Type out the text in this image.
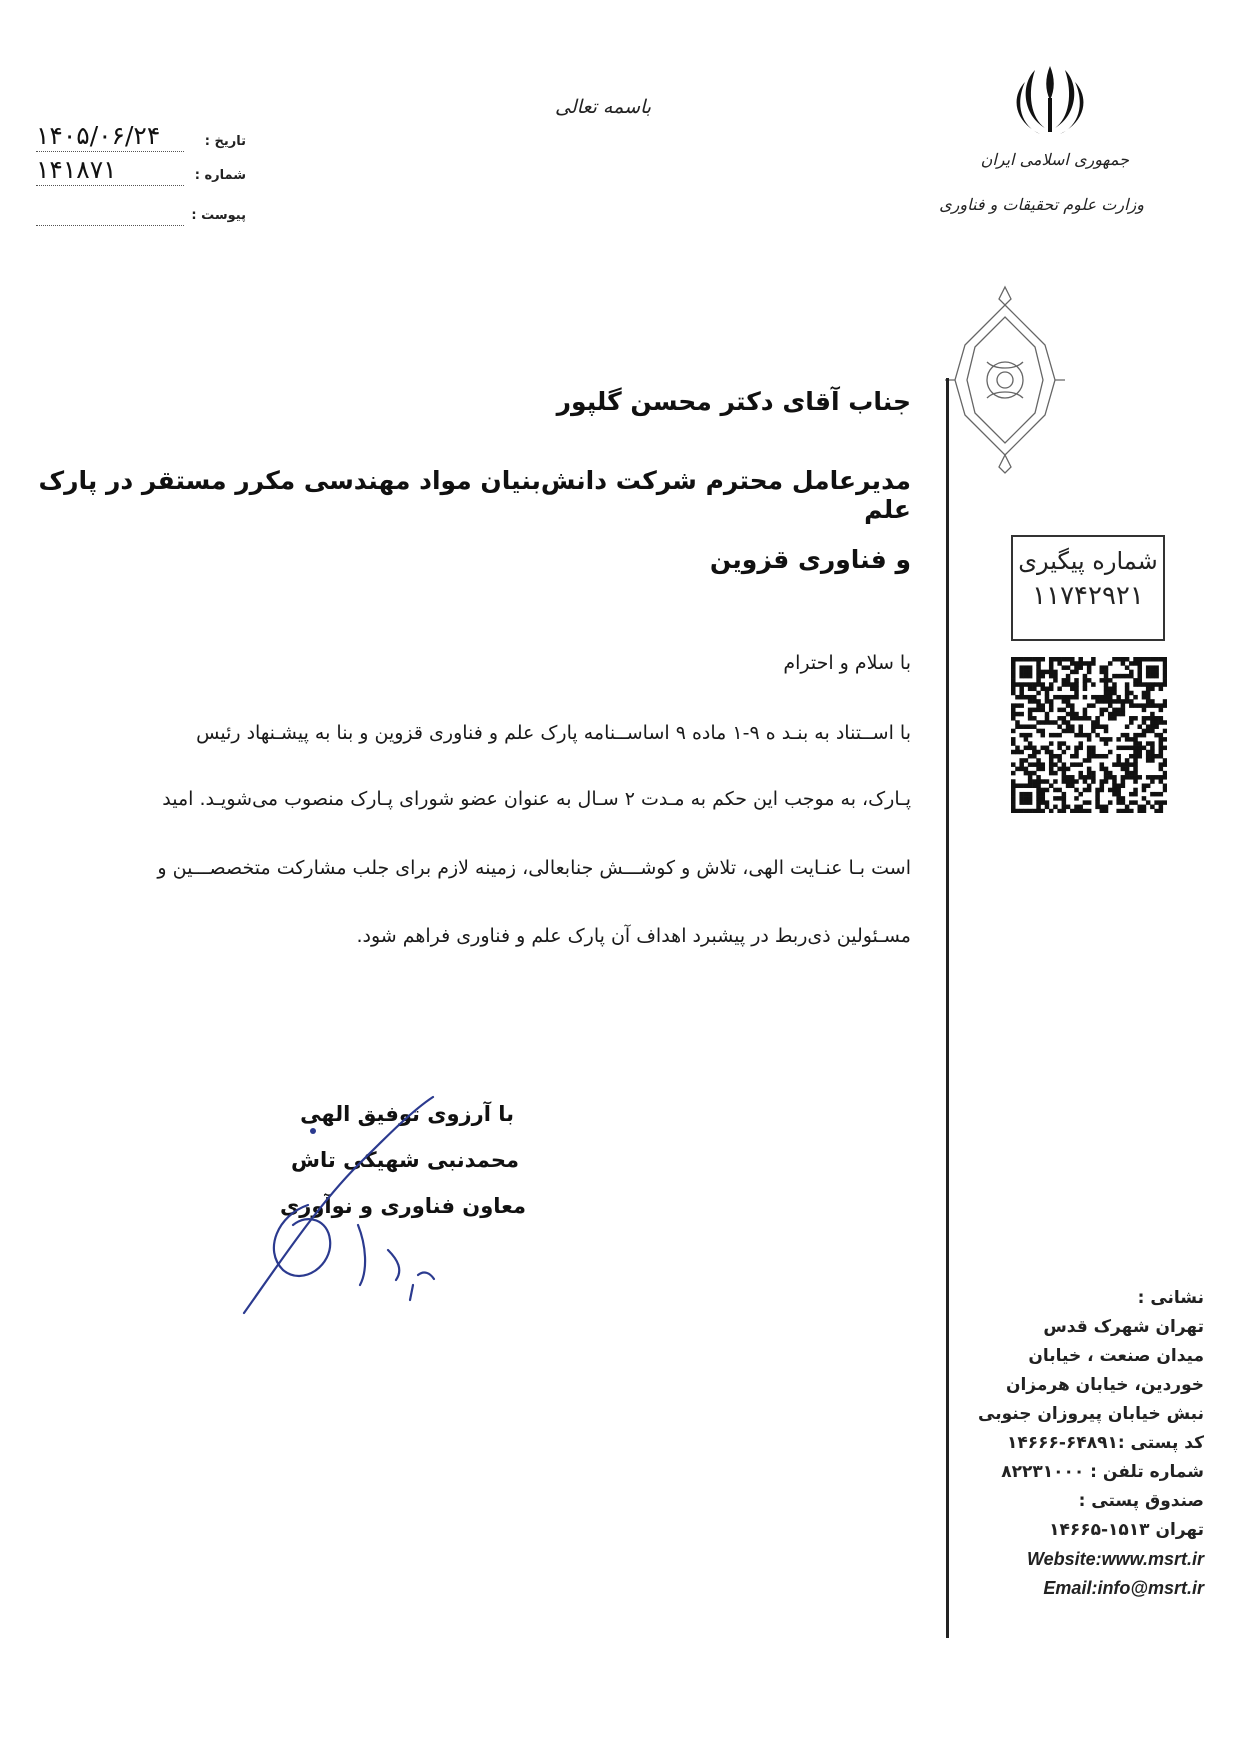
تاریخ :
۱۴۰۵/۰۶/۲۴
شماره :
۱۴۱۸۷۱
پیوست :
باسمه تعالی
جمهوری اسلامی ایران
وزارت علوم تحقیقات و فناوری
جناب آقای دکتر محسن گلپور
مدیرعامل محترم شرکت دانش‌بنیان مواد مهندسی مکرر مستقر در پارک علم
و فناوری قزوین
با سلام و احترام
با اســتناد به بنـد ه ۹-۱ ماده ۹ اساســنامه پارک علم و فناوری قزوین و بنا به پیشـنهاد رئیس
پـارک، به موجب این حکم به مـدت ۲ سـال به عنوان عضو شورای پـارک منصوب می‌شویـد. امید
است بـا عنـایت الهی، تلاش و کوشـــش جنابعالی، زمینه لازم برای جلب مشارکت متخصصـــین و
مسـئولین ذی‌ربط در پیشبرد اهداف آن پارک علم و فناوری فراهم شود.
شماره پیگیری
۱۱۷۴۲۹۲۱
با آرزوی توفیق الهی
محمدنبی شهیکی تاش
معاون فناوری و نوآوری
نشانی :
تهران شهرک قدس
میدان صنعت ، خیابان
خوردین، خیابان هرمزان
نبش خیابان پیروزان جنوبی
کد پستی :۶۴۸۹۱-۱۴۶۶۶
شماره تلفن : ۸۲۲۳۱۰۰۰
صندوق پستی :
تهران ۱۵۱۳-۱۴۶۶۵
Website:www.msrt.ir
Email:info@msrt.ir
